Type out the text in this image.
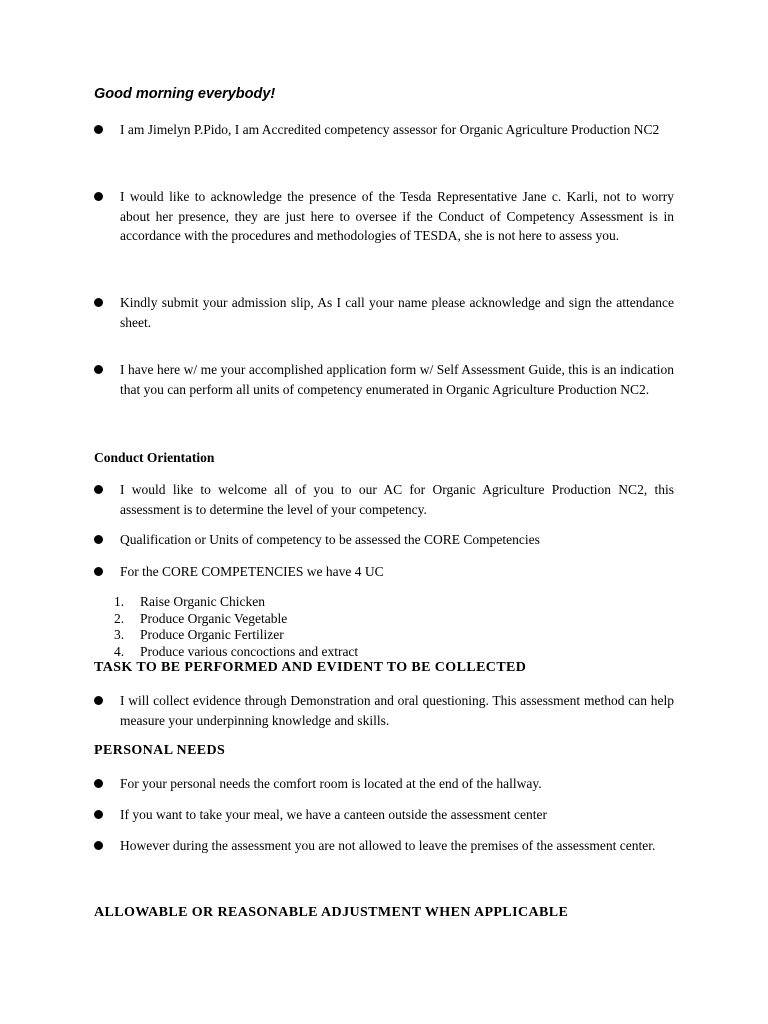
Good morning everybody!

I am Jimelyn P.Pido, I am Accredited competency assessor for Organic Agriculture Production NC2
I would like to acknowledge the presence of the Tesda Representative Jane c. Karli, not to worry about her presence, they are just here to oversee if the Conduct of Competency Assessment is in accordance with the procedures and methodologies of TESDA, she is not here to assess you.
Kindly submit your admission slip, As I call your name please acknowledge and sign the attendance sheet.
I have here w/ me your accomplished application form w/ Self Assessment Guide, this is an indication that you can perform all units of competency enumerated in Organic Agriculture Production NC2.

Conduct Orientation

I would like to welcome all of you to our AC for Organic Agriculture Production NC2, this assessment is to determine the level of your competency.
Qualification or Units of competency to be assessed the CORE Competencies
For the CORE COMPETENCIES we have 4 UC
1. Raise Organic Chicken
2. Produce Organic Vegetable
3. Produce Organic Fertilizer
4. Produce various concoctions and extract

TASK TO BE PERFORMED AND EVIDENT TO BE COLLECTED

I will collect evidence through Demonstration and oral questioning. This assessment method can help measure your underpinning knowledge and skills.

PERSONAL NEEDS

For your personal needs the comfort room is located at the end of the hallway.
If you want to take your meal, we have a canteen outside the assessment center
However during the assessment you are not allowed to leave the premises of the assessment center.

ALLOWABLE OR REASONABLE ADJUSTMENT WHEN APPLICABLE
